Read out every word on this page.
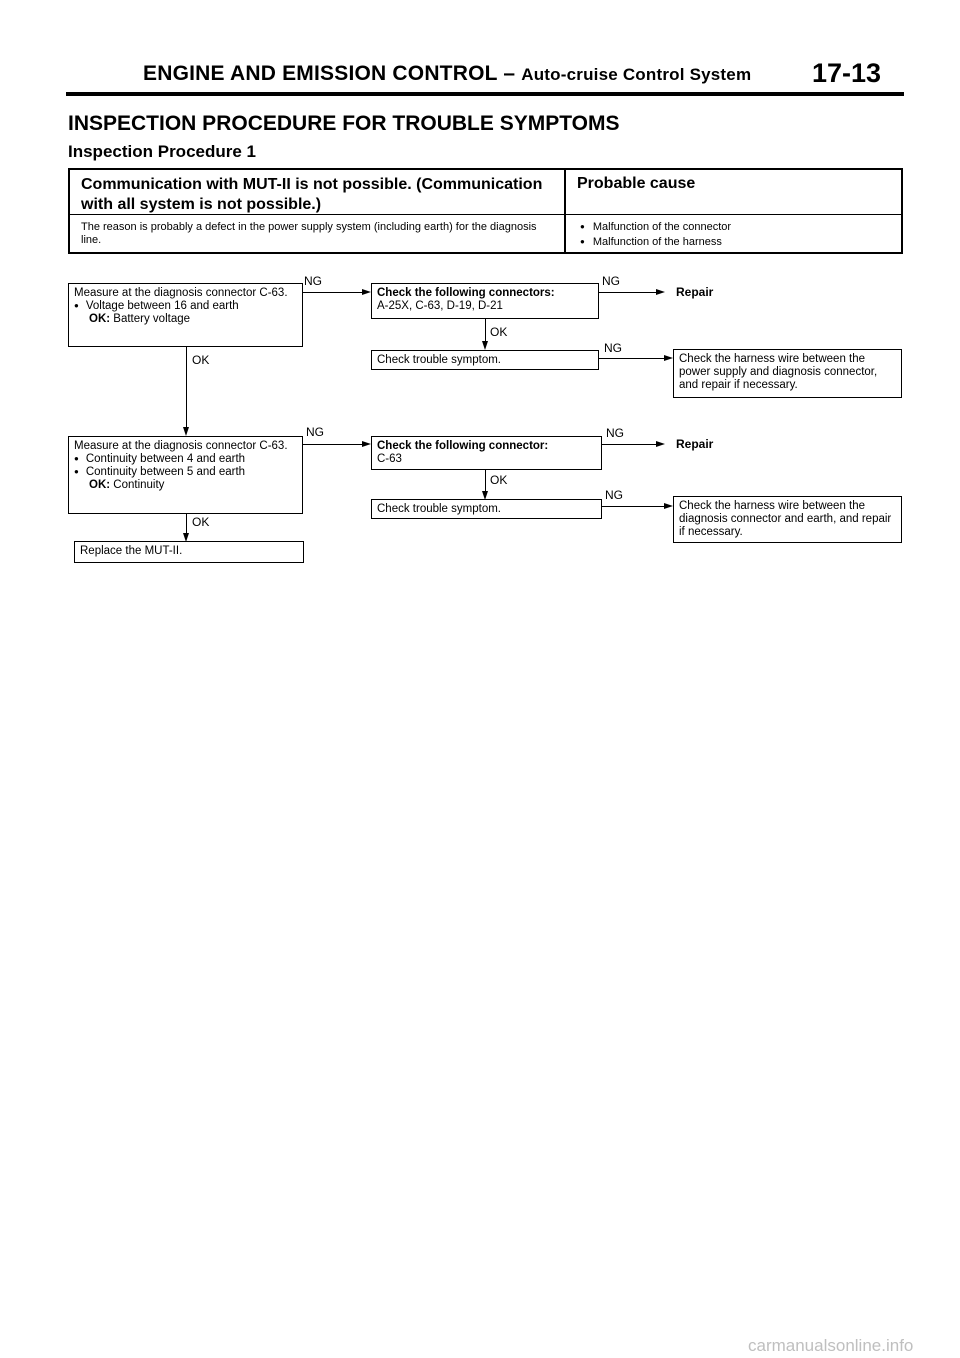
ENGINE AND EMISSION CONTROL – Auto-cruise Control System 17-13
INSPECTION PROCEDURE FOR TROUBLE SYMPTOMS
Inspection Procedure 1
Communication with MUT-II is not possible. (Communication with all system is not possible.)
Probable cause
The reason is probably a defect in the power supply system (including earth) for the diagnosis line.
● Malfunction of the connector
● Malfunction of the harness
Measure at the diagnosis connector C-63.
● Voltage between 16 and earth
OK: Battery voltage
NG
Check the following connectors:
A-25X, C-63, D-19, D-21
NG
Repair
OK
Check trouble symptom.
NG
Check the harness wire between the power supply and diagnosis connector, and repair if necessary.
OK
Measure at the diagnosis connector C-63.
● Continuity between 4 and earth
● Continuity between 5 and earth
OK: Continuity
NG
Check the following connector:
C-63
NG
Repair
OK
Check trouble symptom.
NG
Check the harness wire between the diagnosis connector and earth, and repair if necessary.
OK
Replace the MUT-II.
carmanualsonline.info
